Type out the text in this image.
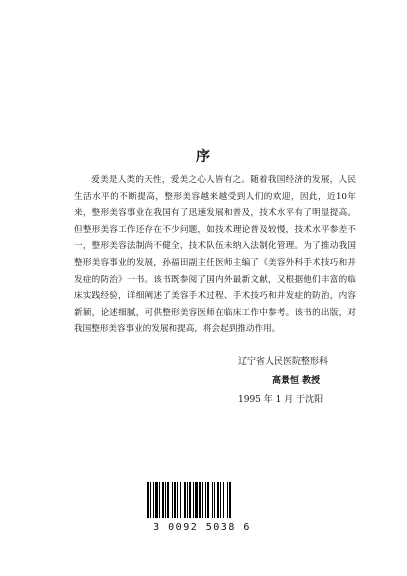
序

爱美是人类的天性，爱美之心人皆有之。随着我国经济的发展，人民生活水平的不断提高，整形美容越来越受到人们的欢迎，因此，近10年来，整形美容事业在我国有了迅速发展和普及，技术水平有了明显提高。但整形美容工作还存在不少问题，如技术理论普及较慢，技术水平参差不一，整形美容法制尚不健全，技术队伍未纳入法制化管理。为了推动我国整形美容事业的发展，孙福田副主任医师主编了《美容外科手术技巧和并发症的防治》一书。该书既参阅了国内外最新文献，又根据他们丰富的临床实践经验，详细阐述了美容手术过程、手术技巧和并发症的防治，内容新颖，论述细腻，可供整形美容医师在临床工作中参考。该书的出版，对我国整形美容事业的发展和提高，将会起到推动作用。

辽宁省人民医院整形科
高景恒 教授
1995 年 1 月 于沈阳
3 0092 5038 6
